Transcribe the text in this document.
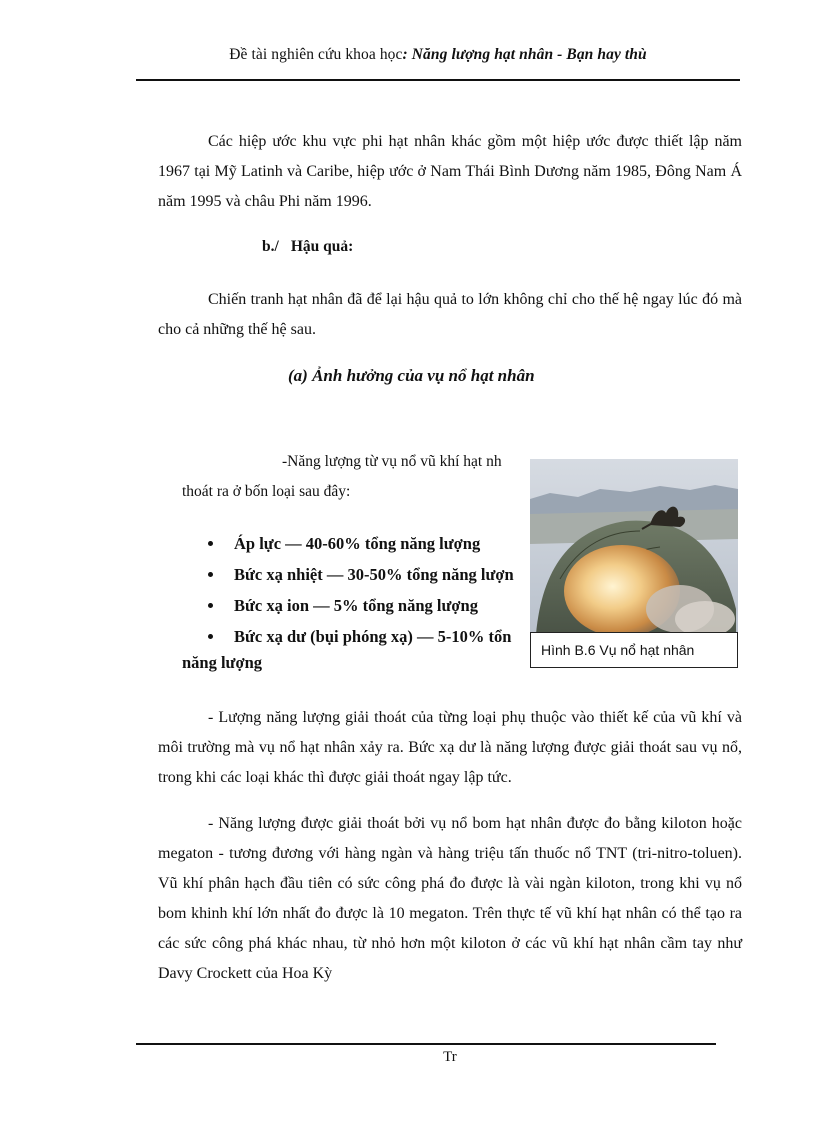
Đề tài nghiên cứu khoa học: Năng lượng hạt nhân - Bạn hay thù
Các hiệp ước khu vực phi hạt nhân khác gồm một hiệp ước được thiết lập năm 1967 tại Mỹ Latinh và Caribe, hiệp ước ở Nam Thái Bình Dương năm 1985, Đông Nam Á năm 1995 và châu Phi năm 1996.
b./ Hậu quả:
Chiến tranh hạt nhân đã để lại hậu quả to lớn không chỉ cho thế hệ ngay lúc đó mà cho cả những thế hệ sau.
(a) Ảnh hưởng của vụ nổ hạt nhân
-Năng lượng từ vụ nổ vũ khí hạt nh
thoát ra ở bốn loại sau đây:
Áp lực — 40-60% tổng năng lượng
Bức xạ nhiệt — 30-50% tổng năng lượn
Bức xạ ion — 5% tổng năng lượng
Bức xạ dư (bụi phóng xạ) — 5-10% tổn
năng lượng
Hình B.6 Vụ nổ hạt nhân
- Lượng năng lượng giải thoát của từng loại phụ thuộc vào thiết kế của vũ khí và môi trường mà vụ nổ hạt nhân xảy ra. Bức xạ dư là năng lượng được giải thoát sau vụ nổ, trong khi các loại khác thì được giải thoát ngay lập tức.
- Năng lượng được giải thoát bởi vụ nổ bom hạt nhân được đo bằng kiloton hoặc megaton - tương đương với hàng ngàn và hàng triệu tấn thuốc nổ TNT (tri-nitro-toluen). Vũ khí phân hạch đầu tiên có sức công phá đo được là vài ngàn kiloton, trong khi vụ nổ bom khinh khí lớn nhất đo được là 10 megaton. Trên thực tế vũ khí hạt nhân có thể tạo ra các sức công phá khác nhau, từ nhỏ hơn một kiloton ở các vũ khí hạt nhân cầm tay như Davy Crockett của Hoa Kỳ
Tr
